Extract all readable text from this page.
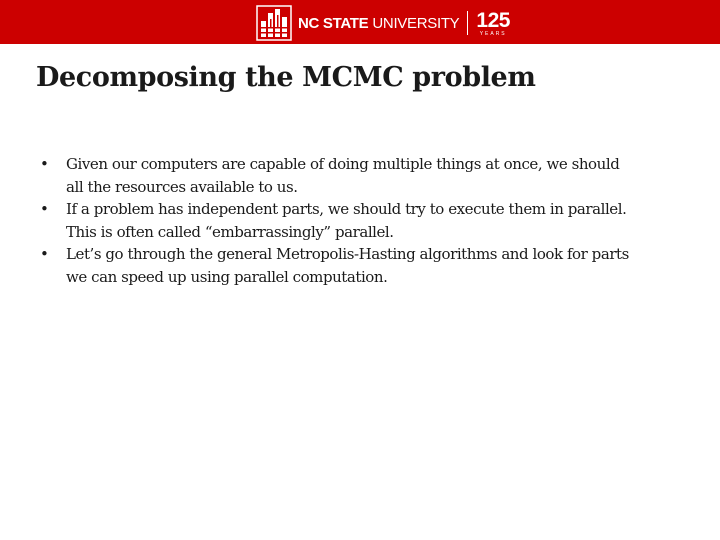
NC STATE UNIVERSITY 125
YEARS
Decomposing the MCMC problem
• Given our computers are capable of doing multiple things at once, we should all the resources available to us.
• If a problem has independent parts, we should try to execute them in parallel. This is often called “embarrassingly” parallel.
• Let’s go through the general Metropolis-Hasting algorithms and look for parts we can speed up using parallel computation.
